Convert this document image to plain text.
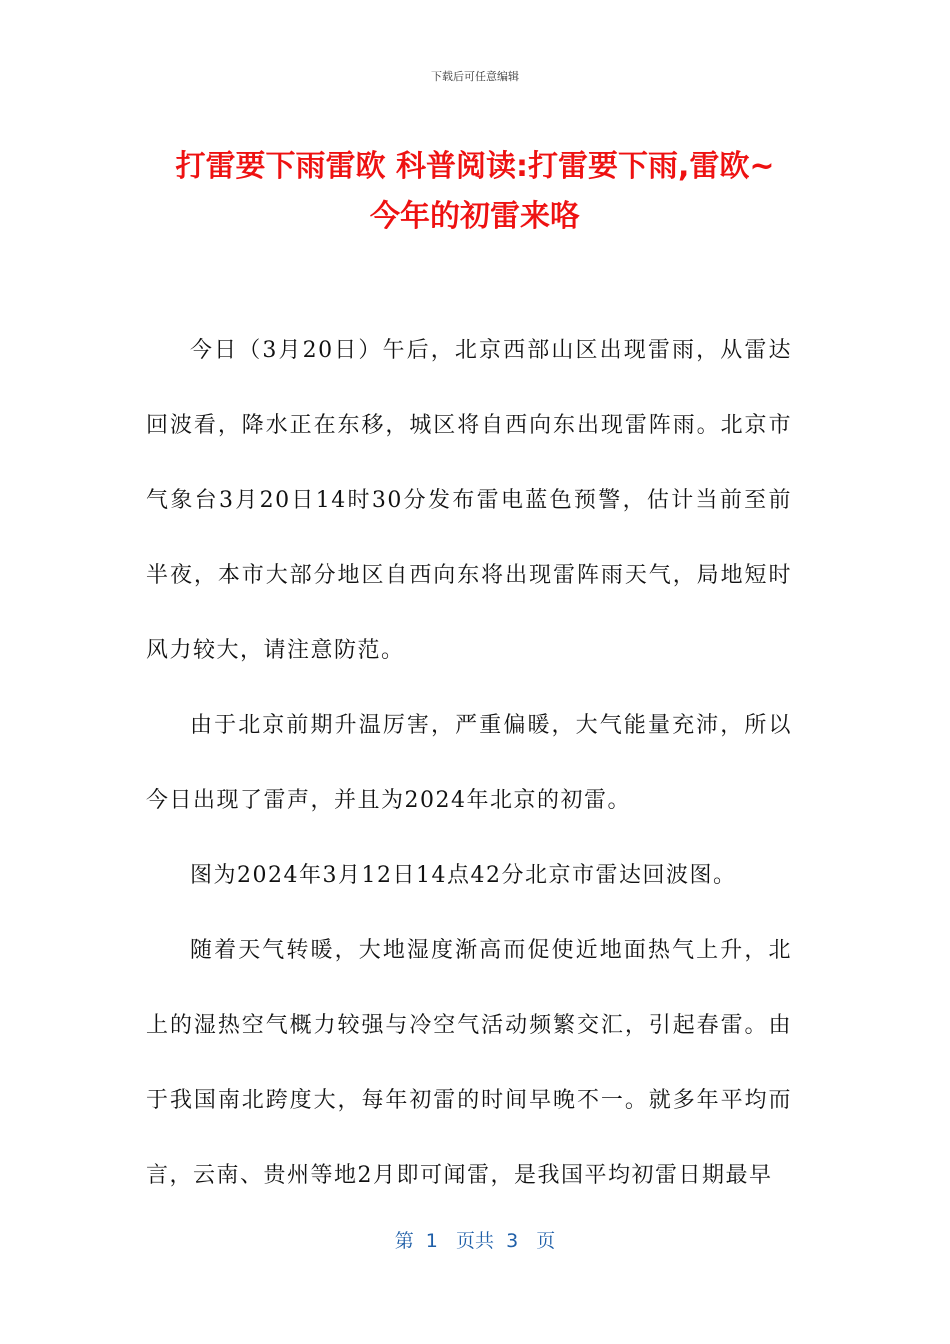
下载后可任意编辑
打雷要下雨雷欧 科普阅读:打雷要下雨,雷欧~
今年的初雷来咯

今日（3月20日）午后，北京西部山区出现雷雨，从雷达回波看，降水正在东移，城区将自西向东出现雷阵雨。北京市气象台3月20日14时30分发布雷电蓝色预警，估计当前至前半夜，本市大部分地区自西向东将出现雷阵雨天气，局地短时风力较大，请注意防范。

由于北京前期升温厉害，严重偏暖，大气能量充沛，所以今日出现了雷声，并且为2024年北京的初雷。

图为2024年3月12日14点42分北京市雷达回波图。

随着天气转暖，大地湿度渐高而促使近地面热气上升，北上的湿热空气概力较强与冷空气活动频繁交汇，引起春雷。由于我国南北跨度大，每年初雷的时间早晚不一。就多年平均而言，云南、贵州等地2月即可闻雷，是我国平均初雷日期最早

第  1   页共  3   页
